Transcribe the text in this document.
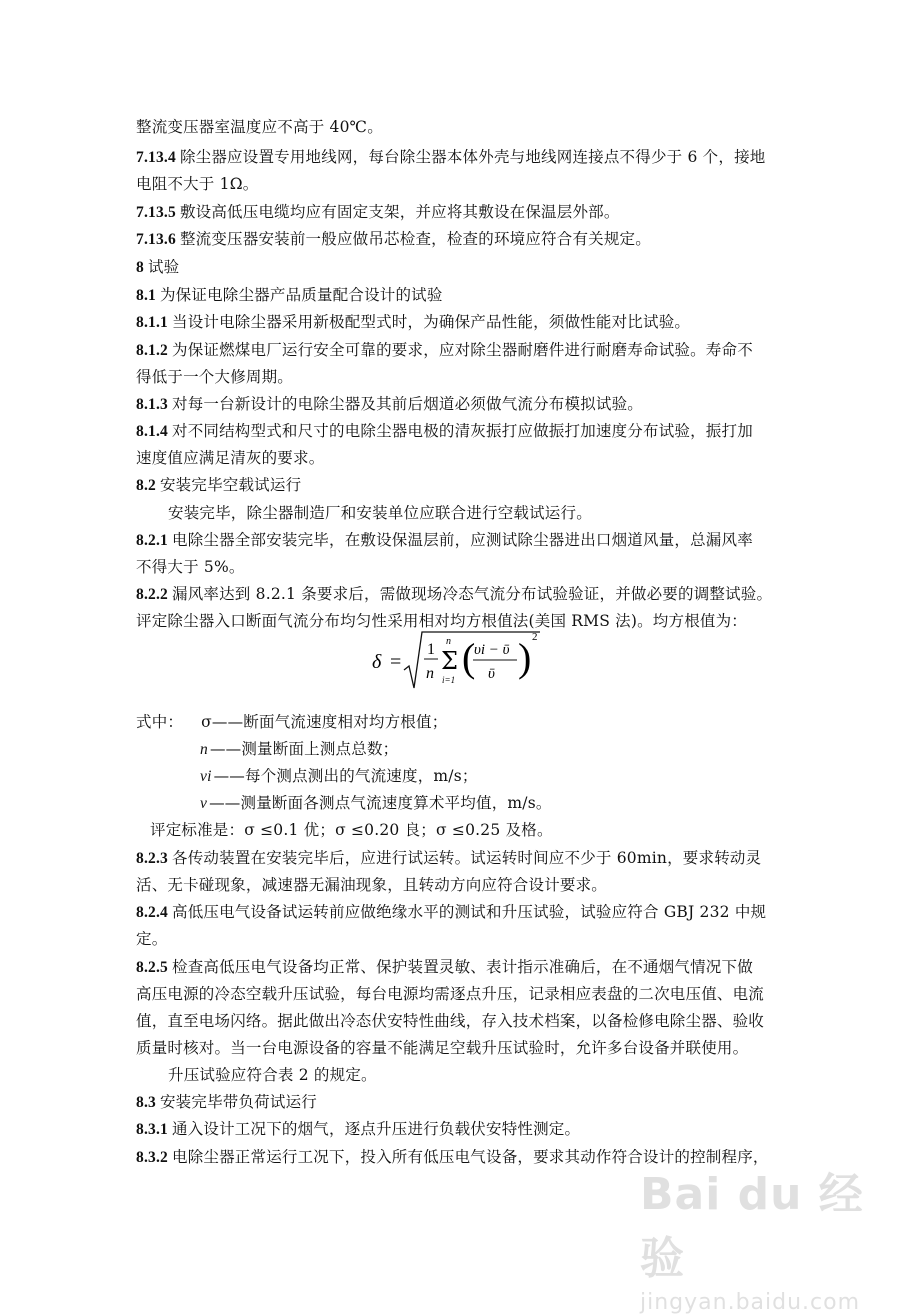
整流变压器室温度应不高于 40℃。
7.13.4 除尘器应设置专用地线网，每台除尘器本体外壳与地线网连接点不得少于 6 个，接地
电阻不大于 1Ω。
7.13.5 敷设高低压电缆均应有固定支架，并应将其敷设在保温层外部。
7.13.6 整流变压器安装前一般应做吊芯检查，检查的环境应符合有关规定。
8 试验
8.1 为保证电除尘器产品质量配合设计的试验
8.1.1 当设计电除尘器采用新极配型式时，为确保产品性能，须做性能对比试验。
8.1.2 为保证燃煤电厂运行安全可靠的要求，应对除尘器耐磨件进行耐磨寿命试验。寿命不
得低于一个大修周期。
8.1.3 对每一台新设计的电除尘器及其前后烟道必须做气流分布模拟试验。
8.1.4 对不同结构型式和尺寸的电除尘器电极的清灰振打应做振打加速度分布试验，振打加
速度值应满足清灰的要求。
8.2 安装完毕空载试运行
安装完毕，除尘器制造厂和安装单位应联合进行空载试运行。
8.2.1 电除尘器全部安装完毕，在敷设保温层前，应测试除尘器进出口烟道风量，总漏风率
不得大于 5%。
8.2.2 漏风率达到 8.2.1 条要求后，需做现场冷态气流分布试验验证，并做必要的调整试验。
评定除尘器入口断面气流分布均匀性采用相对均方根值法(美国 RMS 法)。均方根值为：
δ =
1
n
n
Σ
i=1 (
υi − ῡ
ῡ ) 2
式中： σ——断面气流速度相对均方根值；
n ——测量断面上测点总数；
vi ——每个测点测出的气流速度，m/s；
v ——测量断面各测点气流速度算术平均值，m/s。
评定标准是：σ ≤0.1 优；σ ≤0.20 良；σ ≤0.25 及格。
8.2.3 各传动装置在安装完毕后，应进行试运转。试运转时间应不少于 60min，要求转动灵
活、无卡碰现象，减速器无漏油现象，且转动方向应符合设计要求。
8.2.4 高低压电气设备试运转前应做绝缘水平的测试和升压试验，试验应符合 GBJ 232 中规
定。
8.2.5 检查高低压电气设备均正常、保护装置灵敏、表计指示准确后，在不通烟气情况下做
高压电源的冷态空载升压试验，每台电源均需逐点升压，记录相应表盘的二次电压值、电流
值，直至电场闪络。据此做出冷态伏安特性曲线，存入技术档案，以备检修电除尘器、验收
质量时核对。当一台电源设备的容量不能满足空载升压试验时，允许多台设备并联使用。
升压试验应符合表 2 的规定。
8.3 安装完毕带负荷试运行
8.3.1 通入设计工况下的烟气，逐点升压进行负载伏安特性测定。
8.3.2 电除尘器正常运行工况下，投入所有低压电气设备，要求其动作符合设计的控制程序，
Bai du 经验
jingyan.baidu.com
